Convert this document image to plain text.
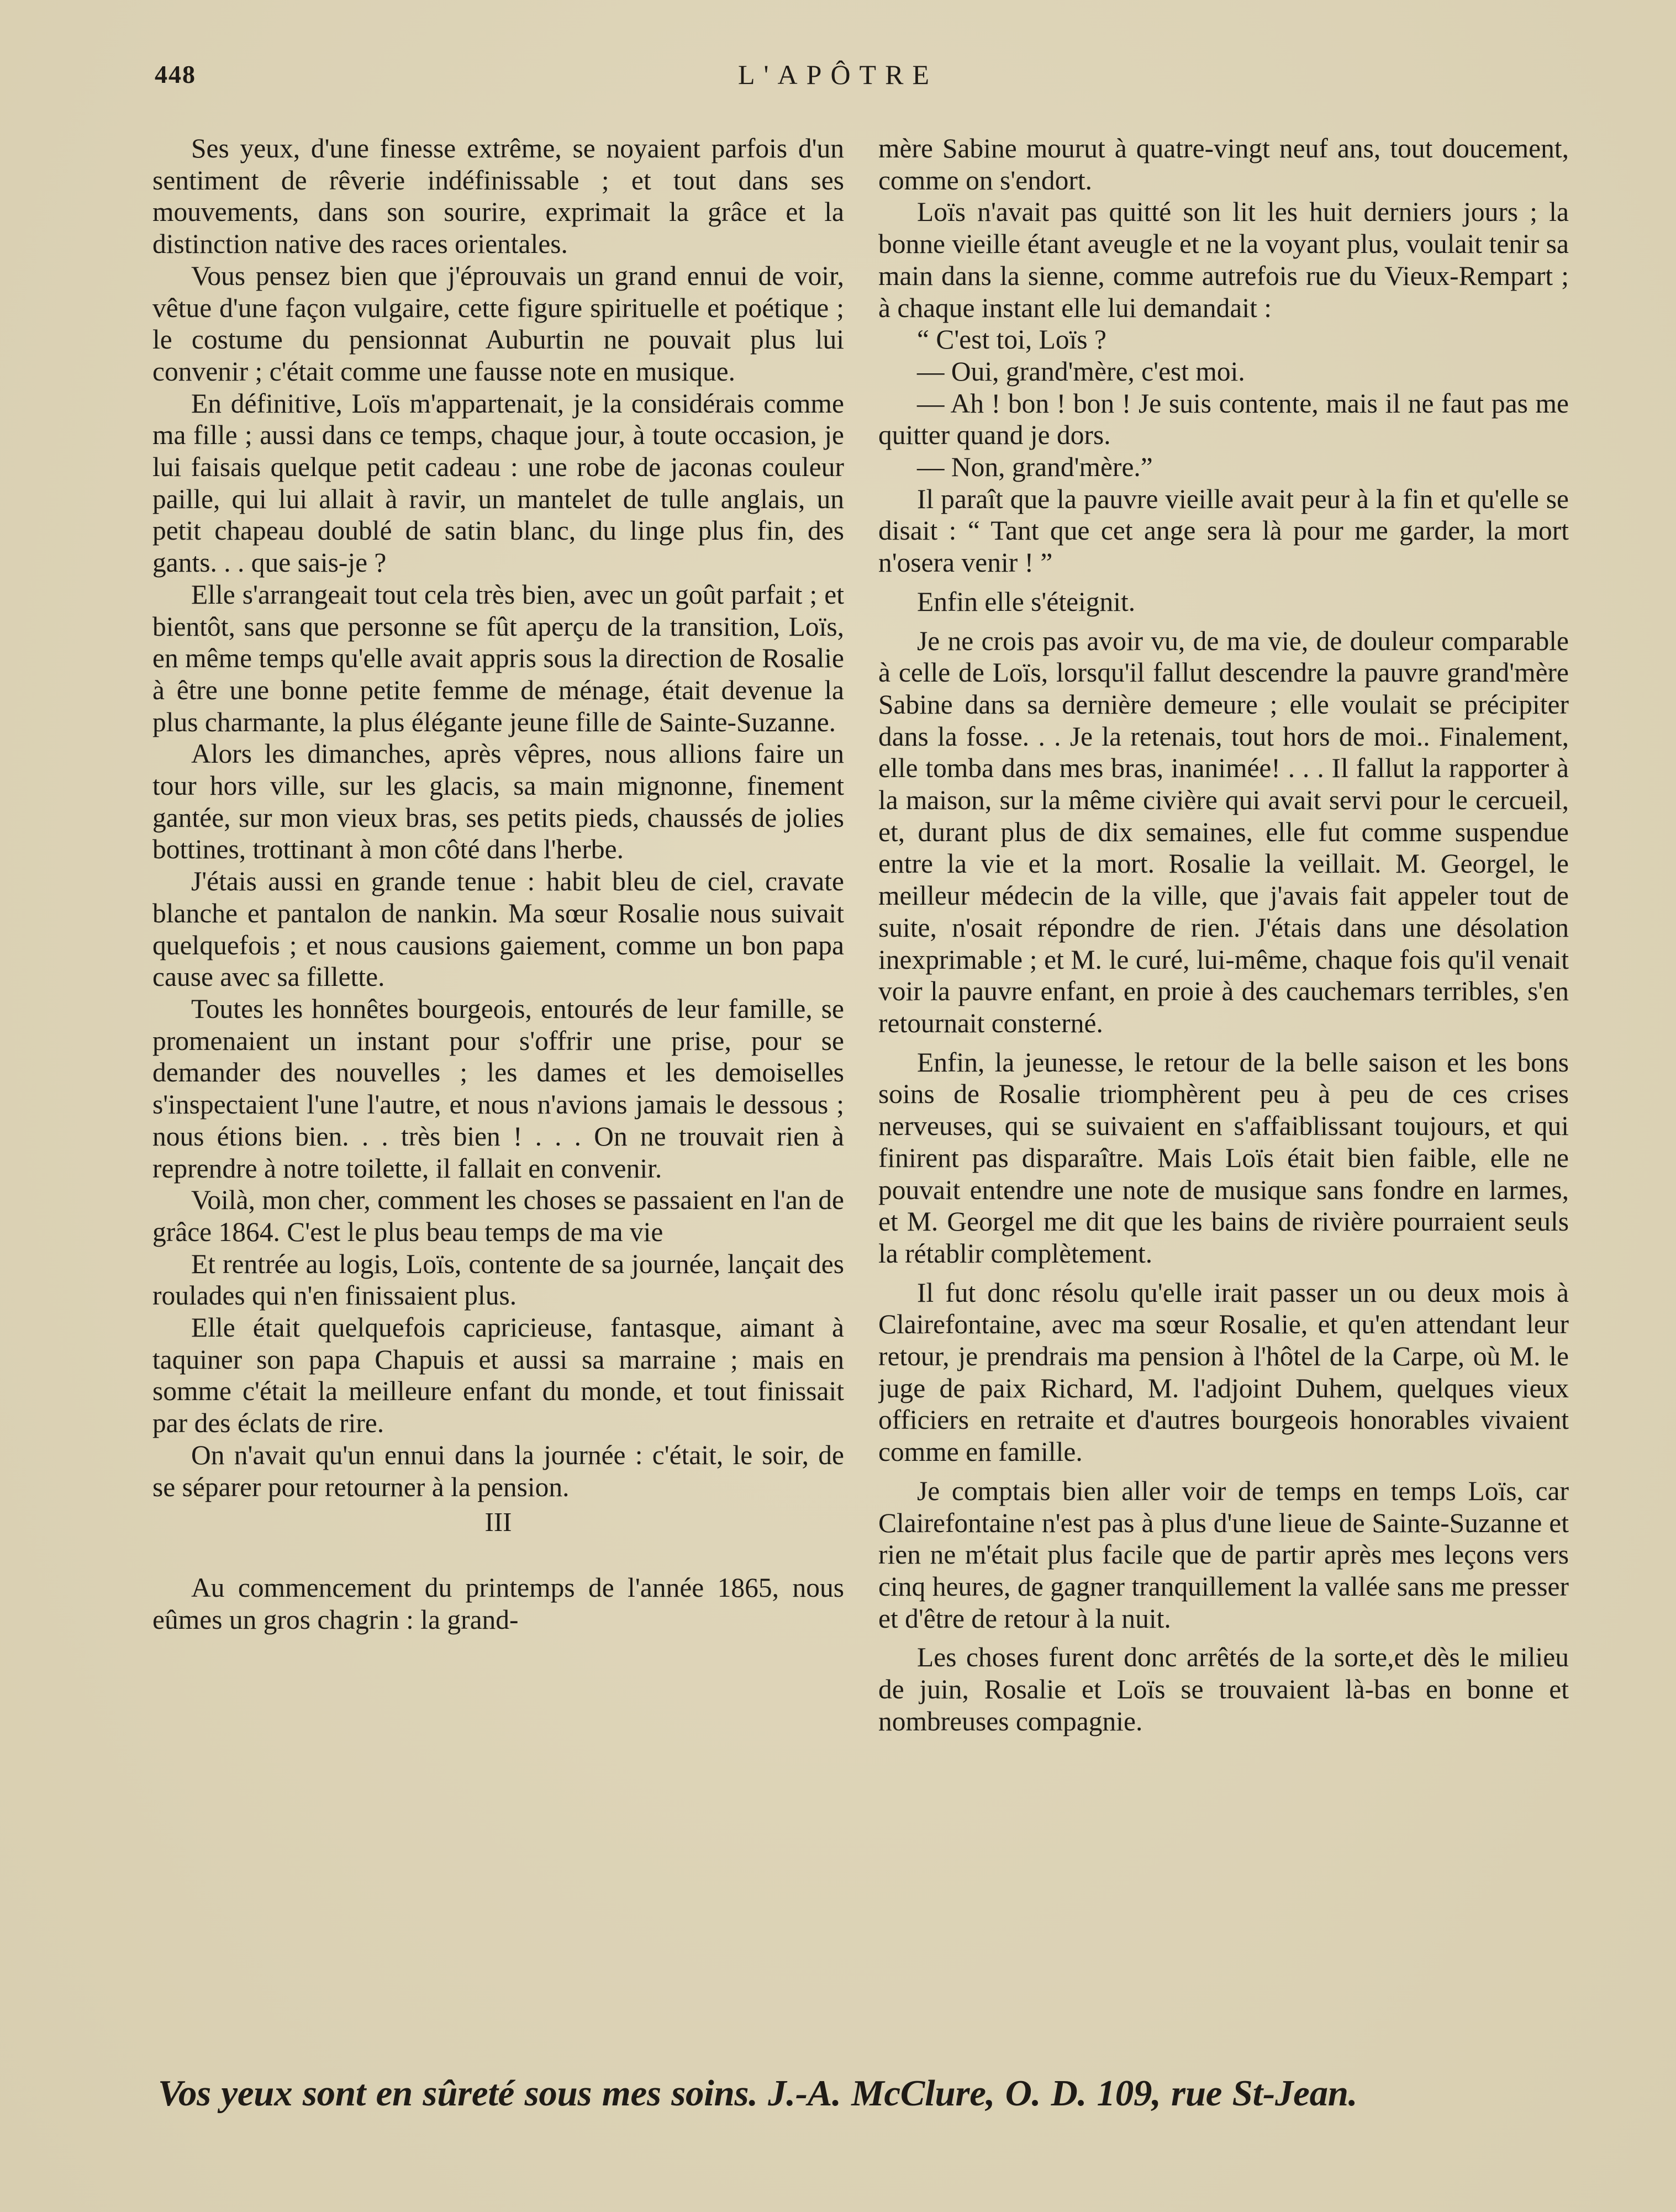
448	L'APÔTRE

Ses yeux, d'une finesse extrême, se noyaient parfois d'un sentiment de rêverie indéfinissable ; et tout dans ses mouvements, dans son sourire, exprimait la grâce et la distinction native des races orientales.

Vous pensez bien que j'éprouvais un grand ennui de voir, vêtue d'une façon vulgaire, cette figure spirituelle et poétique ; le costume du pensionnat Auburtin ne pouvait plus lui convenir ; c'était comme une fausse note en musique.

En définitive, Loïs m'appartenait, je la considérais comme ma fille ; aussi dans ce temps, chaque jour, à toute occasion, je lui faisais quelque petit cadeau : une robe de jaconas couleur paille, qui lui allait à ravir, un mantelet de tulle anglais, un petit chapeau doublé de satin blanc, du linge plus fin, des gants. . . que sais-je ?

Elle s'arrangeait tout cela très bien, avec un goût parfait ; et bientôt, sans que personne se fût aperçu de la transition, Loïs, en même temps qu'elle avait appris sous la direction de Rosalie à être une bonne petite femme de ménage, était devenue la plus charmante, la plus élégante jeune fille de Sainte-Suzanne.

Alors les dimanches, après vêpres, nous allions faire un tour hors ville, sur les glacis, sa main mignonne, finement gantée, sur mon vieux bras, ses petits pieds, chaussés de jolies bottines, trottinant à mon côté dans l'herbe.

J'étais aussi en grande tenue : habit bleu de ciel, cravate blanche et pantalon de nankin. Ma sœur Rosalie nous suivait quelquefois ; et nous causions gaiement, comme un bon papa cause avec sa fillette.

Toutes les honnêtes bourgeois, entourés de leur famille, se promenaient un instant pour s'offrir une prise, pour se demander des nouvelles ; les dames et les demoiselles s'inspectaient l'une l'autre, et nous n'avions jamais le dessous ; nous étions bien. . . très bien ! . . . On ne trouvait rien à reprendre à notre toilette, il fallait en convenir.

Voilà, mon cher, comment les choses se passaient en l'an de grâce 1864. C'est le plus beau temps de ma vie

Et rentrée au logis, Loïs, contente de sa journée, lançait des roulades qui n'en finissaient plus.

Elle était quelquefois capricieuse, fantasque, aimant à taquiner son papa Chapuis et aussi sa marraine ; mais en somme c'était la meilleure enfant du monde, et tout finissait par des éclats de rire.

On n'avait qu'un ennui dans la journée : c'était, le soir, de se séparer pour retourner à la pension.

III

Au commencement du printemps de l'année 1865, nous eûmes un gros chagrin : la grand-

mère Sabine mourut à quatre-vingt neuf ans, tout doucement, comme on s'endort.

Loïs n'avait pas quitté son lit les huit derniers jours ; la bonne vieille étant aveugle et ne la voyant plus, voulait tenir sa main dans la sienne, comme autrefois rue du Vieux-Rempart ; à chaque instant elle lui demandait :

“ C'est toi, Loïs ?

— Oui, grand'mère, c'est moi.

— Ah ! bon ! bon ! Je suis contente, mais il ne faut pas me quitter quand je dors.

— Non, grand'mère.”

Il paraît que la pauvre vieille avait peur à la fin et qu'elle se disait : “ Tant que cet ange sera là pour me garder, la mort n'osera venir ! ”

Enfin elle s'éteignit.

Je ne crois pas avoir vu, de ma vie, de douleur comparable à celle de Loïs, lorsqu'il fallut descendre la pauvre grand'mère Sabine dans sa dernière demeure ; elle voulait se précipiter dans la fosse. . . Je la retenais, tout hors de moi.. Finalement, elle tomba dans mes bras, inanimée! . . . Il fallut la rapporter à la maison, sur la même civière qui avait servi pour le cercueil, et, durant plus de dix semaines, elle fut comme suspendue entre la vie et la mort. Rosalie la veillait. M. Georgel, le meilleur médecin de la ville, que j'avais fait appeler tout de suite, n'osait répondre de rien. J'étais dans une désolation inexprimable ; et M. le curé, lui-même, chaque fois qu'il venait voir la pauvre enfant, en proie à des cauchemars terribles, s'en retournait consterné.

Enfin, la jeunesse, le retour de la belle saison et les bons soins de Rosalie triomphèrent peu à peu de ces crises nerveuses, qui se suivaient en s'affaiblissant toujours, et qui finirent pas disparaître. Mais Loïs était bien faible, elle ne pouvait entendre une note de musique sans fondre en larmes, et M. Georgel me dit que les bains de rivière pourraient seuls la rétablir complètement.

Il fut donc résolu qu'elle irait passer un ou deux mois à Clairefontaine, avec ma sœur Rosalie, et qu'en attendant leur retour, je prendrais ma pension à l'hôtel de la Carpe, où M. le juge de paix Richard, M. l'adjoint Duhem, quelques vieux officiers en retraite et d'autres bourgeois honorables vivaient comme en famille.

Je comptais bien aller voir de temps en temps Loïs, car Clairefontaine n'est pas à plus d'une lieue de Sainte-Suzanne et rien ne m'était plus facile que de partir après mes leçons vers cinq heures, de gagner tranquillement la vallée sans me presser et d'être de retour à la nuit.

Les choses furent donc arrêtés de la sorte,et dès le milieu de juin, Rosalie et Loïs se trouvaient là-bas en bonne et nombreuses compagnie.

Vos yeux sont en sûreté sous mes soins. J.-A. McClure, O. D. 109, rue St-Jean.
